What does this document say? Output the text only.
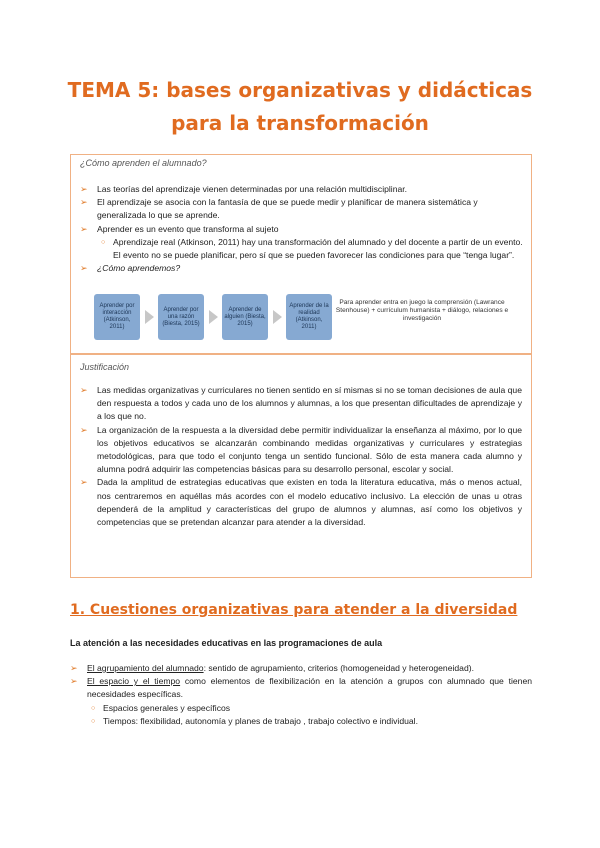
TEMA 5: bases organizativas y didácticas
para la transformación
¿Cómo aprenden el alumnado?
➢ Las teorías del aprendizaje vienen determinadas por una relación multidisciplinar.
➢ El aprendizaje se asocia con la fantasía de que se puede medir y planificar de manera sistemática y generalizada lo que se aprende.
➢ Aprender es un evento que transforma al sujeto
○ Aprendizaje real (Atkinson, 2011) hay una transformación del alumnado y del docente a partir de un evento. El evento no se puede planificar, pero sí que se pueden favorecer las condiciones para que “tenga lugar”.
➢ ¿Cómo aprendemos?
Aprender por interacción (Atkinson, 2011)
Aprender por una razón (Biesta, 2015)
Aprender de alguien (Biesta, 2015)
Aprender de la realidad (Atkinson, 2011)
Para aprender entra en juego la comprensión (Lawrance Stenhouse) + currículum humanista + diálogo, relaciones e investigación
Justificación
➢ Las medidas organizativas y curriculares no tienen sentido en sí mismas si no se toman decisiones de aula que den respuesta a todos y cada uno de los alumnos y alumnas, a los que presentan dificultades de aprendizaje y a los que no.
➢ La organización de la respuesta a la diversidad debe permitir individualizar la enseñanza al máximo, por lo que los objetivos educativos se alcanzarán combinando medidas organizativas y curriculares y estrategias metodológicas, para que todo el conjunto tenga un sentido funcional. Sólo de esta manera cada alumno y alumna podrá adquirir las competencias básicas para su desarrollo personal, escolar y social.
➢ Dada la amplitud de estrategias educativas que existen en toda la literatura educativa, más o menos actual, nos centraremos en aquéllas más acordes con el modelo educativo inclusivo. La elección de unas u otras dependerá de la amplitud y características del grupo de alumnos y alumnas, así como los objetivos y competencias que se pretendan alcanzar para atender a la diversidad.
1. Cuestiones organizativas para atender a la diversidad
La atención a las necesidades educativas en las programaciones de aula
➢ El agrupamiento del alumnado: sentido de agrupamiento, criterios (homogeneidad y heterogeneidad).
➢ El espacio y el tiempo como elementos de flexibilización en la atención a grupos con alumnado que tienen necesidades específicas.
○ Espacios generales y específicos
○ Tiempos: flexibilidad, autonomía y planes de trabajo , trabajo colectivo e individual.
